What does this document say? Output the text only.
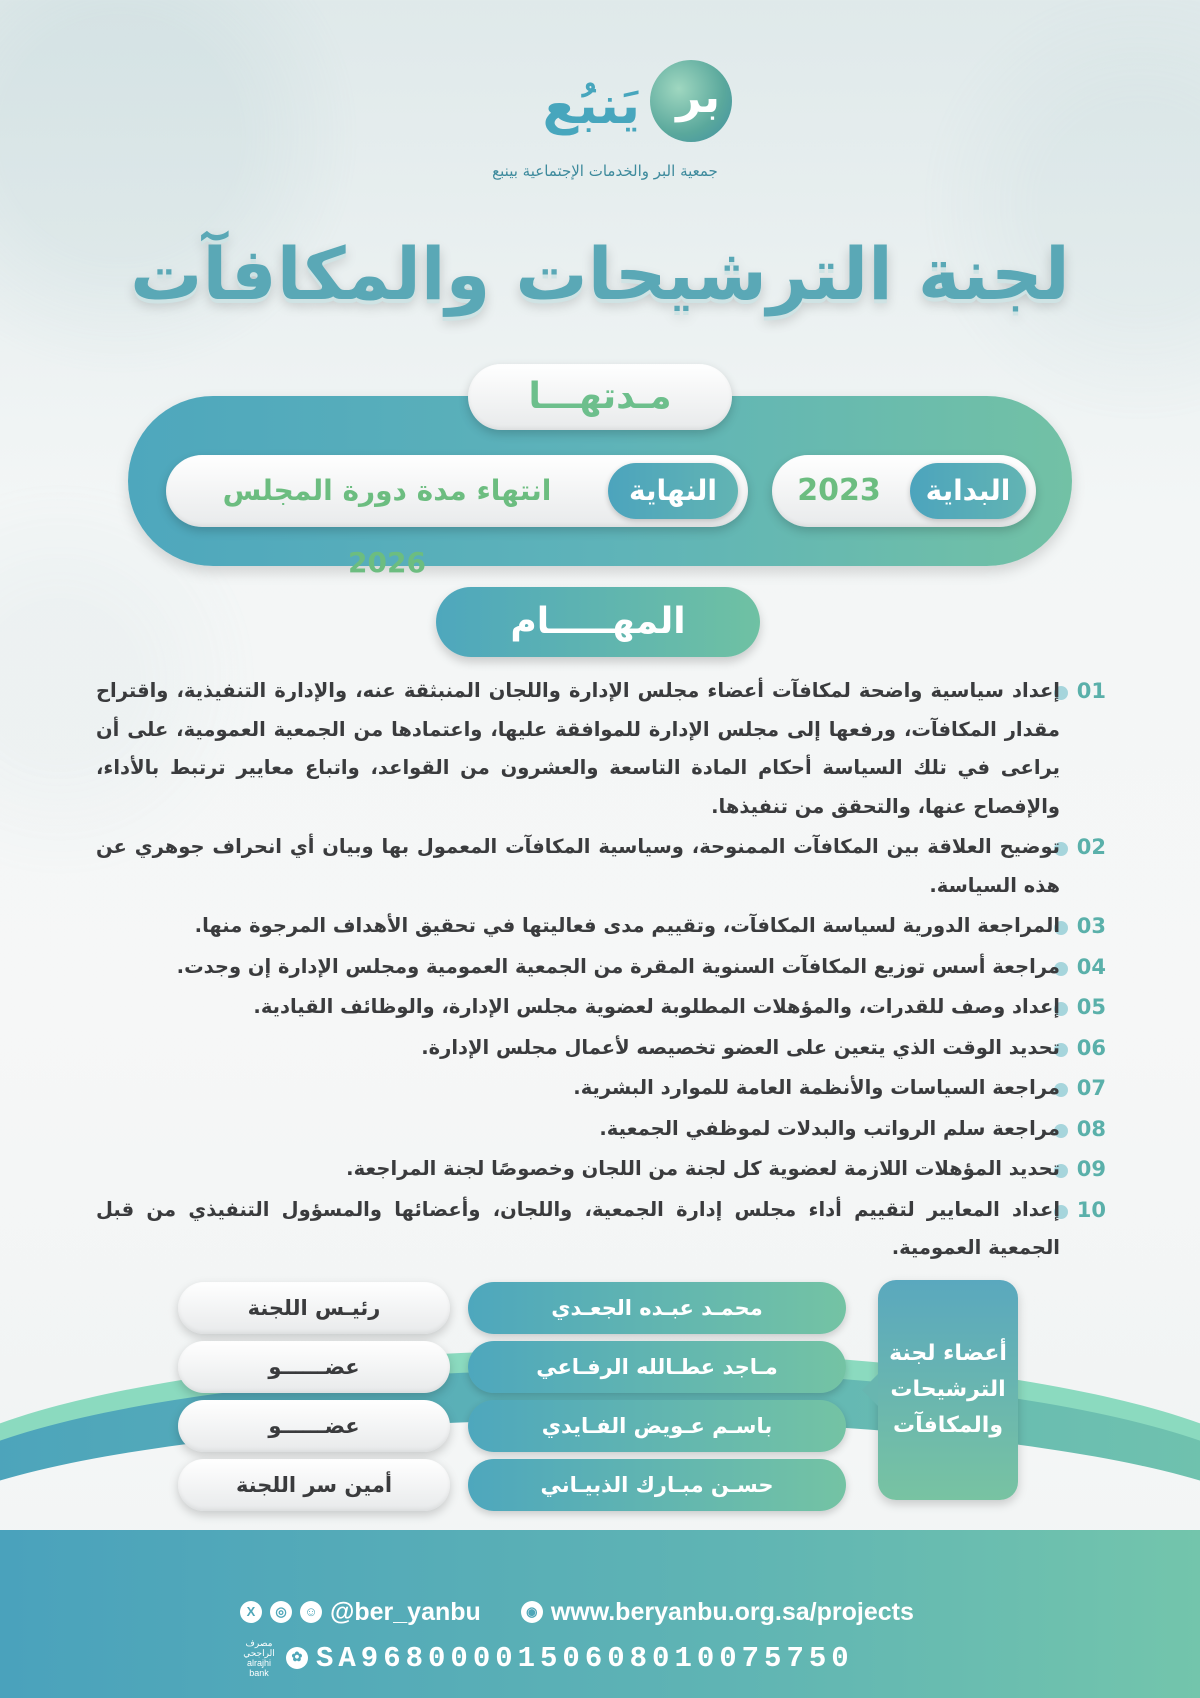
بر
يَنبُع
جمعية البر والخدمات الإجتماعية بينبع
لجنة الترشيحات والمكافآت
مـدتهـــا
البداية
2023
النهاية
انتهاء مدة دورة المجلس 2026
المهـــــام
01
إعداد سياسية واضحة لمكافآت أعضاء مجلس الإدارة واللجان المنبثقة عنه، والإدارة التنفيذية، واقتراح مقدار المكافآت، ورفعها إلى مجلس الإدارة للموافقة عليها، واعتمادها من الجمعية العمومية، على أن يراعى في تلك السياسة أحكام المادة التاسعة والعشرون من القواعد، واتباع معايير ترتبط بالأداء، والإفصاح عنها، والتحقق من تنفيذها.
02
توضيح العلاقة بين المكافآت الممنوحة، وسياسية المكافآت المعمول بها وبيان أي انحراف جوهري عن هذه السياسة.
03
المراجعة الدورية لسياسة المكافآت، وتقييم مدى فعاليتها في تحقيق الأهداف المرجوة منها.
04
مراجعة أسس توزيع المكافآت السنوية المقرة من الجمعية العمومية ومجلس الإدارة إن وجدت.
05
إعداد وصف للقدرات، والمؤهلات المطلوبة لعضوية مجلس الإدارة، والوظائف القيادية.
06
تحديد الوقت الذي يتعين على العضو تخصيصه لأعمال مجلس الإدارة.
07
مراجعة السياسات والأنظمة العامة للموارد البشرية.
08
مراجعة سلم الرواتب والبدلات لموظفي الجمعية.
09
تحديد المؤهلات اللازمة لعضوية كل لجنة من اللجان وخصوصًا لجنة المراجعة.
10
إعداد المعايير لتقييم أداء مجلس إدارة الجمعية، واللجان، وأعضائها والمسؤول التنفيذي من قبل الجمعية العمومية.
أعضاء لجنة الترشيحات والمكافآت
محمـد عبـده الجعـدي
رئيـس اللجنة
مـاجد عطـالله الرفـاعي
عضــــــو
باسـم عـويض الفـايدي
عضــــــو
حسـن مبـارك الذبيـاني
أمين سر اللجنة
X	◎	☺ @ber_yanbu	◉ www.beryanbu.org.sa/projects
مصرف الراجحي alrajhi bank
✿ SA9680000150608010075750
